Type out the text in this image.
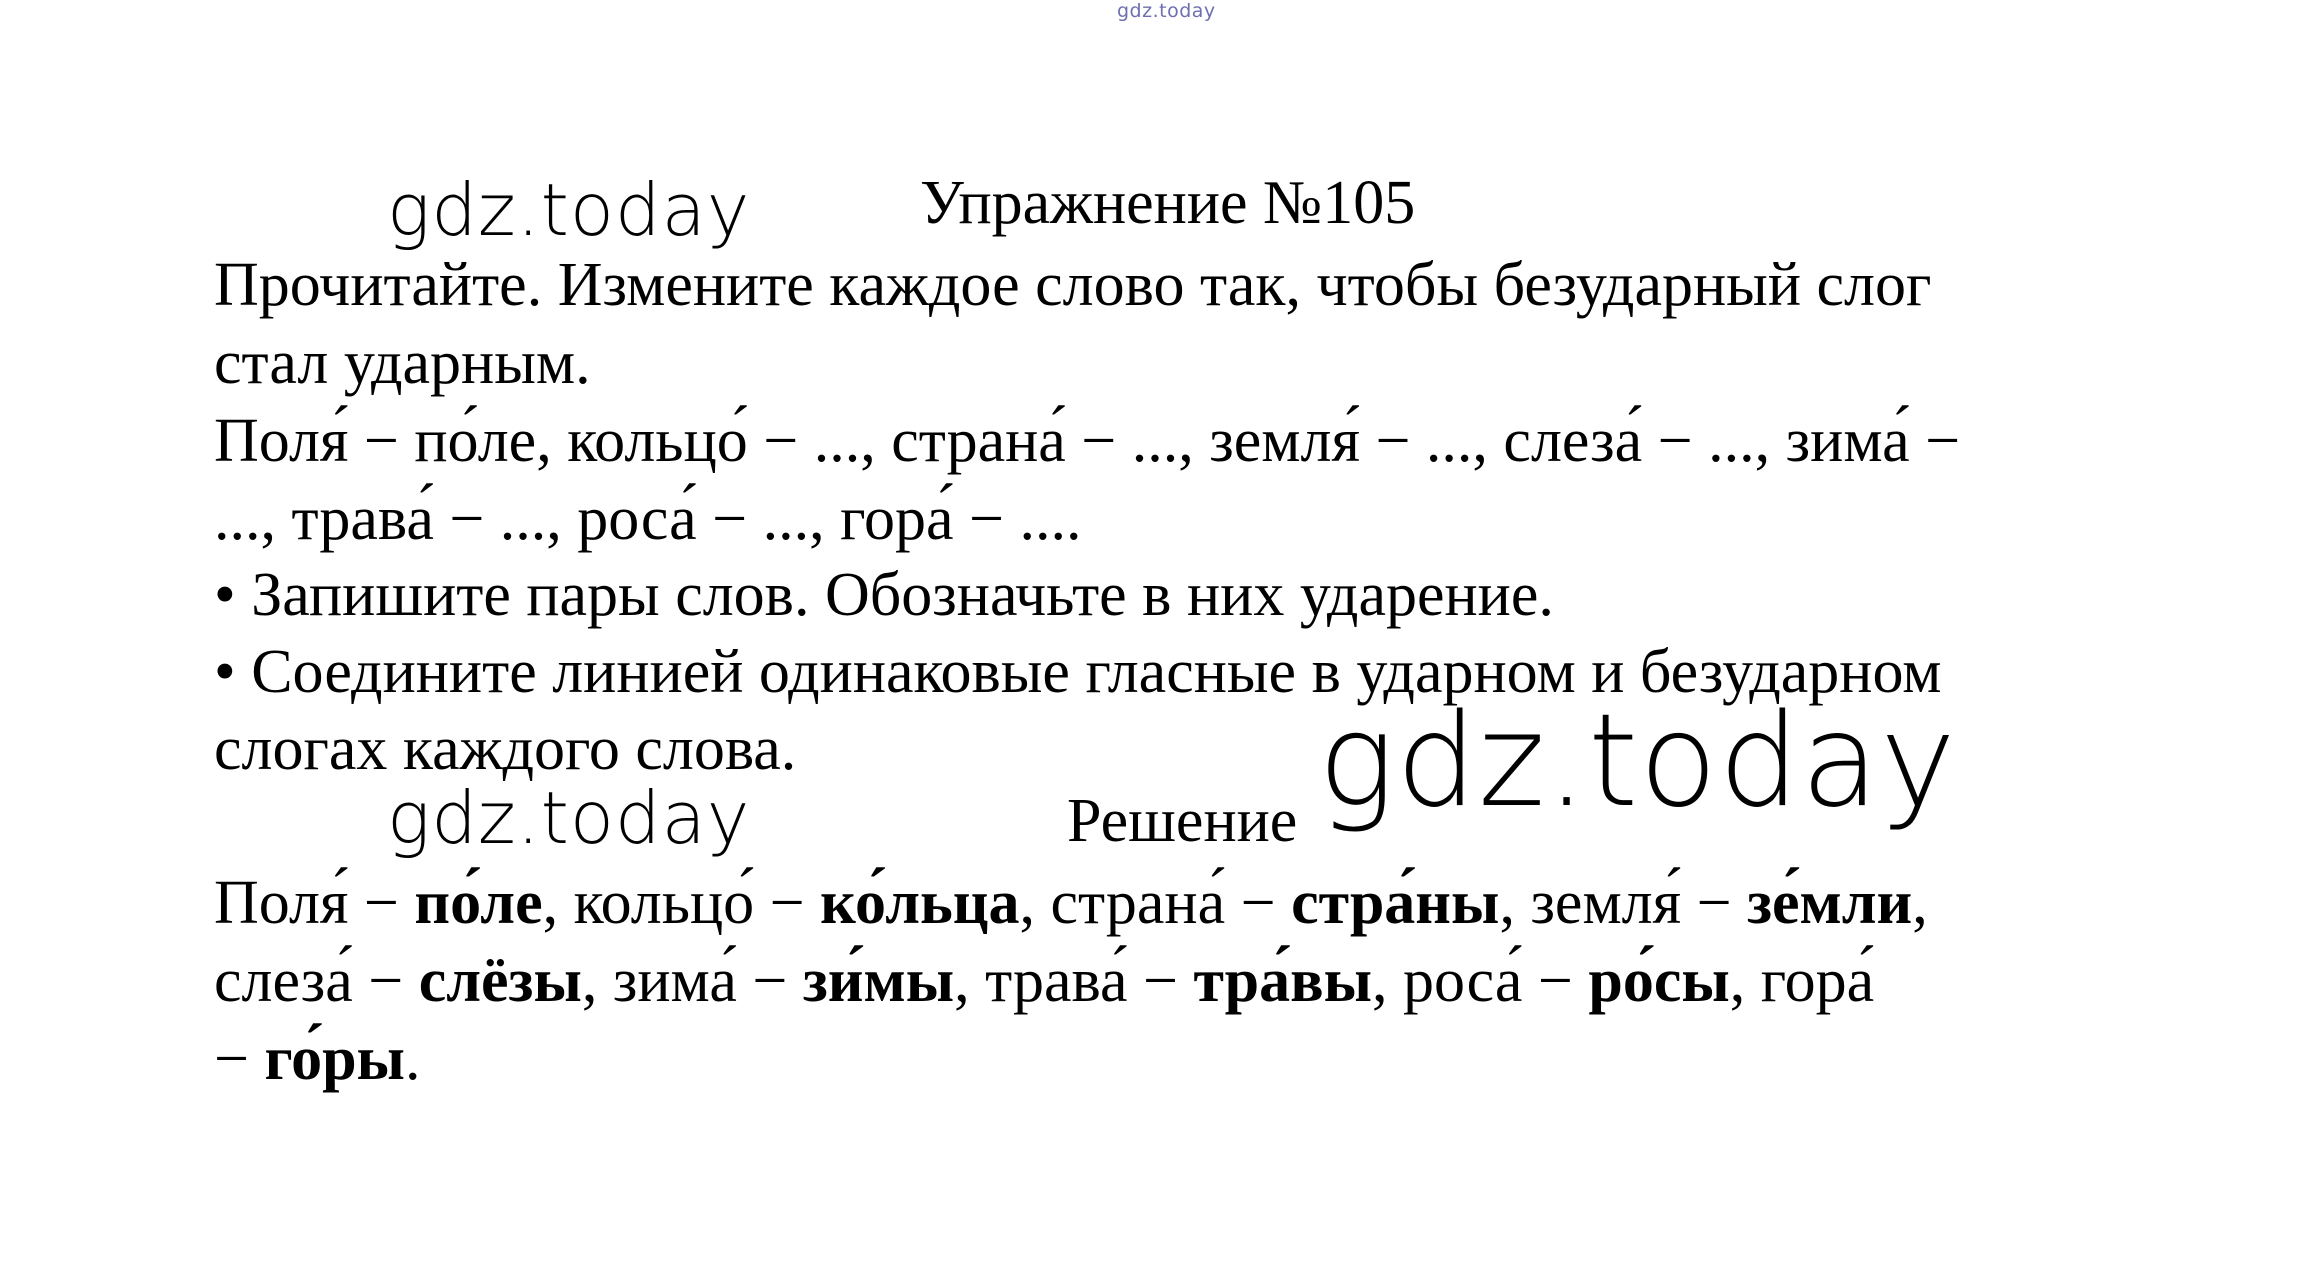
gdz.today
gdz.today
gdz.today
gdz.today
Упражнение №105
Прочитайте. Измените каждое слово так, чтобы безударный слог
стал ударным.
Поля́ − по́ле, кольцо́ − ..., страна́ − ..., земля́ − ..., слеза́ − ..., зима́ −
..., трава́ − ..., роса́ − ..., гора́ − ....
• Запишите пары слов. Обозначьте в них ударение.
• Соедините линией одинаковые гласные в ударном и безударном
слогах каждого слова.
Решение
Поля́ − по́ле, кольцо́ − ко́льца, страна́ − стра́ны, земля́ − зе́мли,
слеза́ − слёзы, зима́ − зи́мы, трава́ − тра́вы, роса́ − ро́сы, гора́
− го́ры.
